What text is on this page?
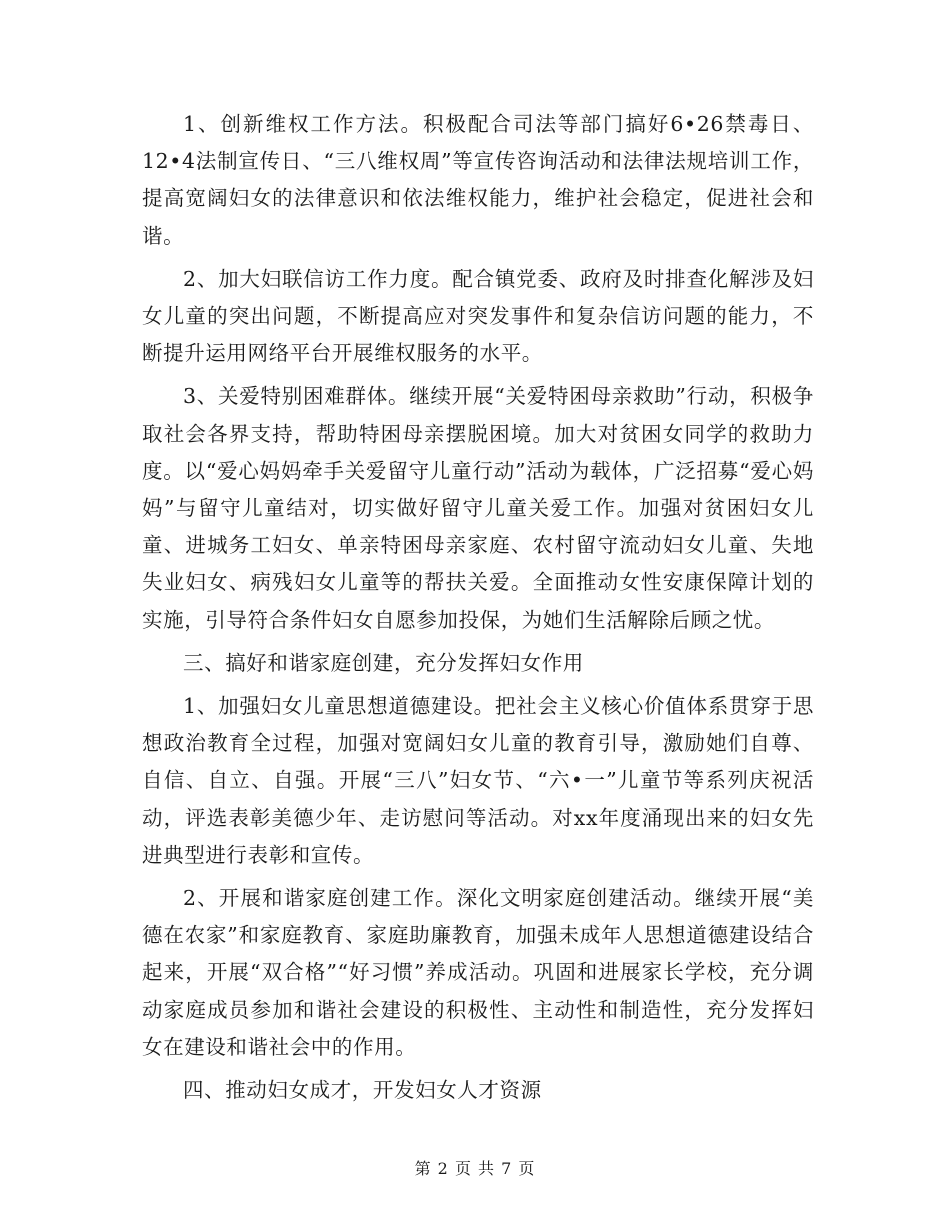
1、创新维权工作方法。积极配合司法等部门搞好6•26禁毒日、12•4法制宣传日、“三八维权周”等宣传咨询活动和法律法规培训工作，提高宽阔妇女的法律意识和依法维权能力，维护社会稳定，促进社会和谐。

2、加大妇联信访工作力度。配合镇党委、政府及时排查化解涉及妇女儿童的突出问题，不断提高应对突发事件和复杂信访问题的能力，不断提升运用网络平台开展维权服务的水平。

3、关爱特别困难群体。继续开展“关爱特困母亲救助”行动，积极争取社会各界支持，帮助特困母亲摆脱困境。加大对贫困女同学的救助力度。以“爱心妈妈牵手关爱留守儿童行动”活动为载体，广泛招募“爱心妈妈”与留守儿童结对，切实做好留守儿童关爱工作。加强对贫困妇女儿童、进城务工妇女、单亲特困母亲家庭、农村留守流动妇女儿童、失地失业妇女、病残妇女儿童等的帮扶关爱。全面推动女性安康保障计划的实施，引导符合条件妇女自愿参加投保，为她们生活解除后顾之忧。

三、搞好和谐家庭创建，充分发挥妇女作用

1、加强妇女儿童思想道德建设。把社会主义核心价值体系贯穿于思想政治教育全过程，加强对宽阔妇女儿童的教育引导，激励她们自尊、自信、自立、自强。开展“三八”妇女节、“六•一”儿童节等系列庆祝活动，评选表彰美德少年、走访慰问等活动。对xx年度涌现出来的妇女先进典型进行表彰和宣传。

2、开展和谐家庭创建工作。深化文明家庭创建活动。继续开展“美德在农家”和家庭教育、家庭助廉教育，加强未成年人思想道德建设结合起来，开展“双合格”“好习惯”养成活动。巩固和进展家长学校，充分调动家庭成员参加和谐社会建设的积极性、主动性和制造性，充分发挥妇女在建设和谐社会中的作用。

四、推动妇女成才，开发妇女人才资源

第 2 页 共 7 页
